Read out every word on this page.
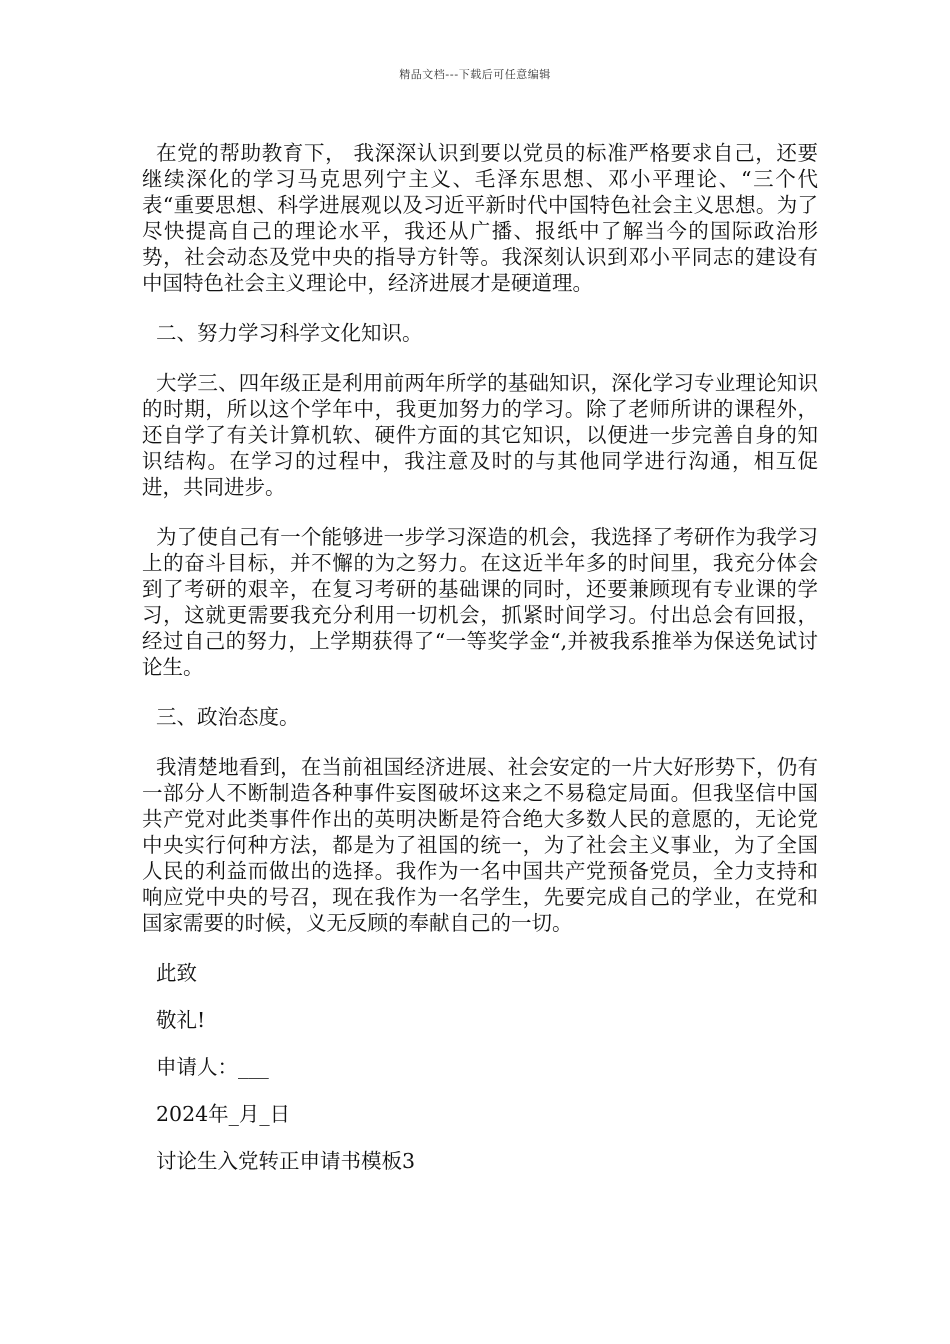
精品文档---下载后可任意编辑

在党的帮助教育下， 我深深认识到要以党员的标准严格要求自己，还要继续深化的学习马克思列宁主义、毛泽东思想、邓小平理论、“三个代表“重要思想、科学进展观以及习近平新时代中国特色社会主义思想。为了尽快提高自己的理论水平，我还从广播、报纸中了解当今的国际政治形势，社会动态及党中央的指导方针等。我深刻认识到邓小平同志的建设有中国特色社会主义理论中，经济进展才是硬道理。

二、努力学习科学文化知识。

大学三、四年级正是利用前两年所学的基础知识，深化学习专业理论知识的时期，所以这个学年中，我更加努力的学习。除了老师所讲的课程外，还自学了有关计算机软、硬件方面的其它知识，以便进一步完善自身的知识结构。在学习的过程中，我注意及时的与其他同学进行沟通，相互促进，共同进步。

为了使自己有一个能够进一步学习深造的机会，我选择了考研作为我学习上的奋斗目标，并不懈的为之努力。在这近半年多的时间里，我充分体会到了考研的艰辛，在复习考研的基础课的同时，还要兼顾现有专业课的学习，这就更需要我充分利用一切机会，抓紧时间学习。付出总会有回报，经过自己的努力，上学期获得了“一等奖学金“,并被我系推举为保送免试讨论生。

三、政治态度。

我清楚地看到，在当前祖国经济进展、社会安定的一片大好形势下，仍有一部分人不断制造各种事件妄图破坏这来之不易稳定局面。但我坚信中国共产党对此类事件作出的英明决断是符合绝大多数人民的意愿的，无论党中央实行何种方法，都是为了祖国的统一，为了社会主义事业，为了全国人民的利益而做出的选择。我作为一名中国共产党预备党员，全力支持和响应党中央的号召，现在我作为一名学生，先要完成自己的学业，在党和国家需要的时候，义无反顾的奉献自己的一切。

此致

敬礼!

申请人：___

2024年_月_日

讨论生入党转正申请书模板3
